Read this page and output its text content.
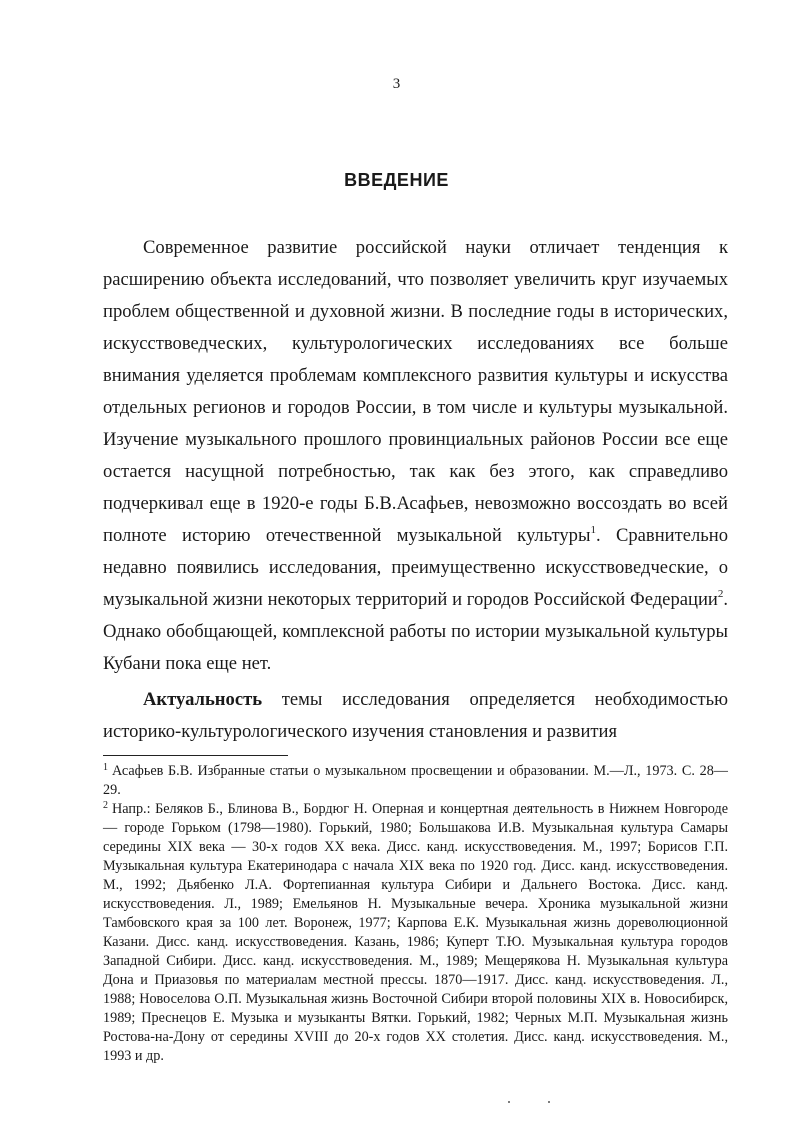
3
ВВЕДЕНИЕ

Современное развитие российской науки отличает тенденция к расширению объекта исследований, что позволяет увеличить круг изучаемых проблем общественной и духовной жизни. В последние годы в исторических, искусствоведческих, культурологических исследованиях все больше внимания уделяется проблемам комплексного развития культуры и искусства отдельных регионов и городов России, в том числе и культуры музыкальной. Изучение музыкального прошлого провинциальных районов России все еще остается насущной потребностью, так как без этого, как справедливо подчеркивал еще в 1920-е годы Б.В.Асафьев, невозможно воссоздать во всей полноте историю отечественной музыкальной культуры$^1$. Сравнительно недавно появились исследования, преимущественно искусствоведческие, о музыкальной жизни некоторых территорий и городов Российской Федерации$^2$. Однако обобщающей, комплексной работы по истории музыкальной культуры Кубани пока еще нет.

Актуальность темы исследования определяется необходимостью историко-культурологического изучения становления и развития

$^1$ Асафьев Б.В. Избранные статьи о музыкальном просвещении и образовании. М.—Л., 1973. С. 28—29.

$^2$ Напр.: Беляков Б., Блинова В., Бордюг Н. Оперная и концертная деятельность в Нижнем Новгороде — городе Горьком (1798—1980). Горький, 1980; Большакова И.В. Музыкальная культура Самары середины XIX века — 30-х годов XX века. Дисс. канд. искусствоведения. М., 1997; Борисов Г.П. Музыкальная культура Екатеринодара с начала XIX века по 1920 год. Дисс. канд. искусствоведения. М., 1992; Дьябенко Л.А. Фортепианная культура Сибири и Дальнего Востока. Дисс. канд. искусствоведения. Л., 1989; Емельянов Н. Музыкальные вечера. Хроника музыкальной жизни Тамбовского края за 100 лет. Воронеж, 1977; Карпова Е.К. Музыкальная жизнь дореволюционной Казани. Дисс. канд. искусствоведения. Казань, 1986; Куперт Т.Ю. Музыкальная культура городов Западной Сибири. Дисс. канд. искусствоведения. М., 1989; Мещерякова Н. Музыкальная культура Дона и Приазовья по материалам местной прессы. 1870—1917. Дисс. канд. искусствоведения. Л., 1988; Новоселова О.П. Музыкальная жизнь Восточной Сибири второй половины XIX в. Новосибирск, 1989; Преснецов Е. Музыка и музыканты Вятки. Горький, 1982; Черных М.П. Музыкальная жизнь Ростова-на-Дону от середины XVIII до 20-х годов XX столетия. Дисс. канд. искусствоведения. М., 1993 и др.
